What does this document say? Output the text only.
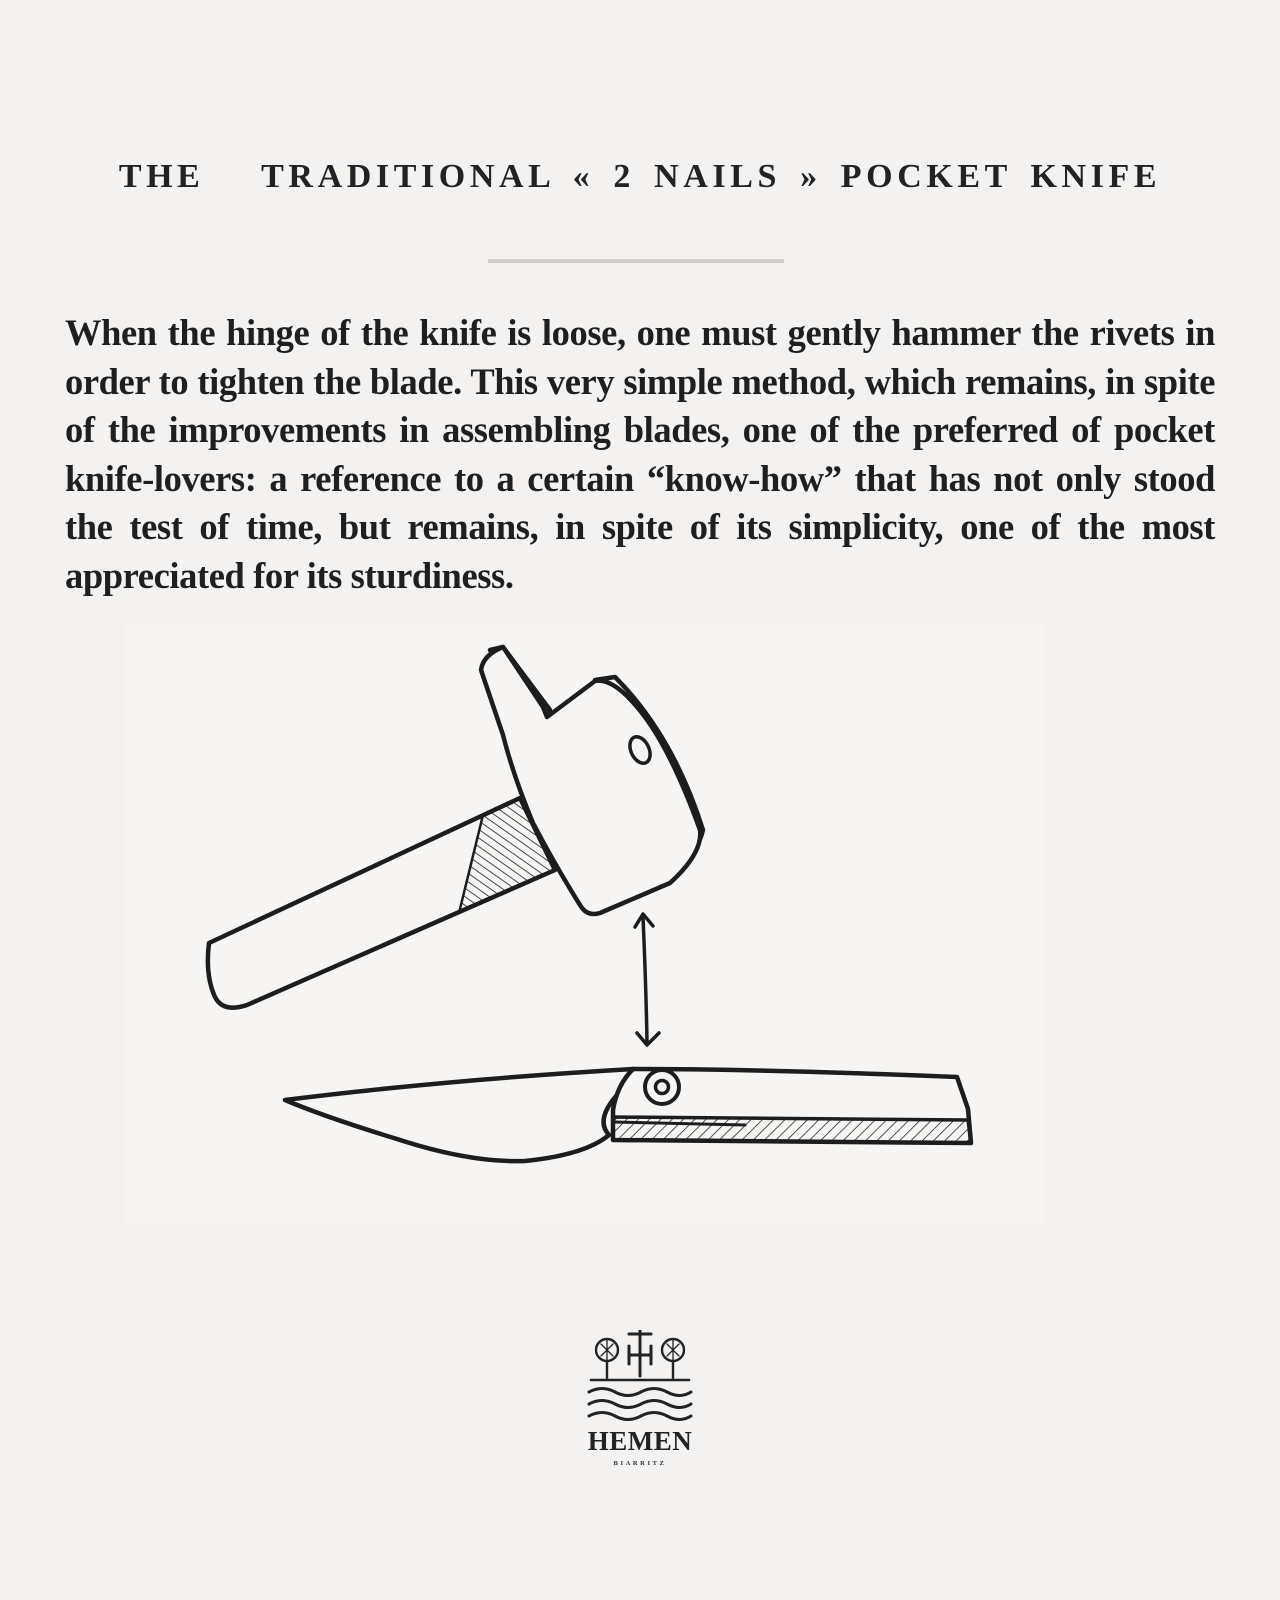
THE   TRADITIONAL « 2 NAILS » POCKET KNIFE
When the hinge of the knife is loose, one must gently hammer the rivets in order to tighten the blade. This very simple method, which remains, in spite of the improvements in assembling blades, one of the preferred of pocket knife-lovers: a reference to a certain “know-how” that has not only stood the test of time, but remains, in spite of its simplicity, one of the most appreciated for its sturdiness.
HEMEN
BIARRITZ
